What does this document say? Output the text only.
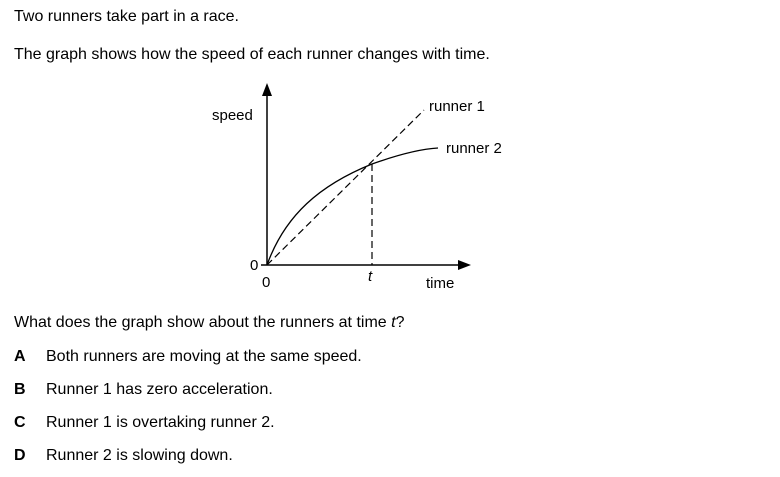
Two runners take part in a race.
The graph shows how the speed of each runner changes with time.
speed
time
0
0	t
runner 1
runner 2
What does the graph show about the runners at time t?
A Both runners are moving at the same speed.
B Runner 1 has zero acceleration.
C Runner 1 is overtaking runner 2.
D Runner 2 is slowing down.
